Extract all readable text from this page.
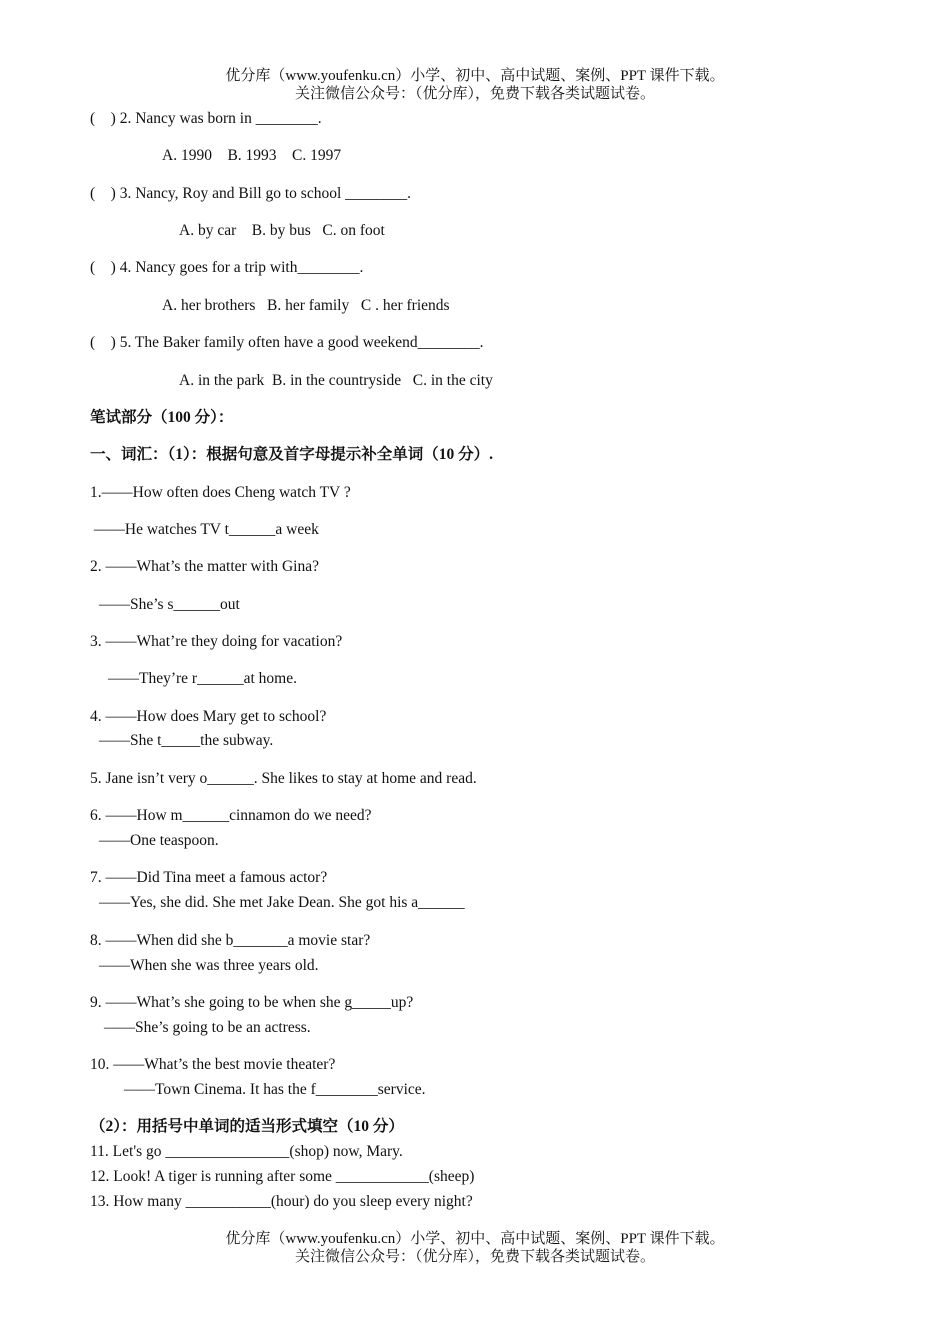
优分库（www.youfenku.cn）小学、初中、高中试题、案例、PPT 课件下载。
关注微信公众号：（优分库），免费下载各类试题试卷。
(    ) 2. Nancy was born in ________.
A. 1990    B. 1993    C. 1997
(    ) 3. Nancy, Roy and Bill go to school ________.
A. by car    B. by bus   C. on foot
(    ) 4. Nancy goes for a trip with________.
A. her brothers   B. her family   C . her friends
(    ) 5. The Baker family often have a good weekend________.
A. in the park  B. in the countryside   C. in the city
笔试部分（100 分）：
一、词汇：（1）：根据句意及首字母提示补全单词（10 分）.
1.——How often does Cheng watch TV ?
——He watches TV t______a week
2. ——What’s the matter with Gina?
——She’s s______out
3. ——What’re they doing for vacation?
——They’re r______at home.
4. ——How does Mary get to school?
——She t_____the subway.
5. Jane isn’t very o______. She likes to stay at home and read.
6. ——How m______cinnamon do we need?
——One teaspoon.
7. ——Did Tina meet a famous actor?
——Yes, she did. She met Jake Dean. She got his a______
8. ——When did she b_______a movie star?
——When she was three years old.
9. ——What’s she going to be when she g_____up?
——She’s going to be an actress.
10. ——What’s the best movie theater?
——Town Cinema. It has the f________service.
（2）：用括号中单词的适当形式填空（10 分）
11. Let's go ________________(shop) now, Mary.
12. Look! A tiger is running after some ____________(sheep)
13. How many ___________(hour) do you sleep every night?
优分库（www.youfenku.cn）小学、初中、高中试题、案例、PPT 课件下载。
关注微信公众号：（优分库），免费下载各类试题试卷。
